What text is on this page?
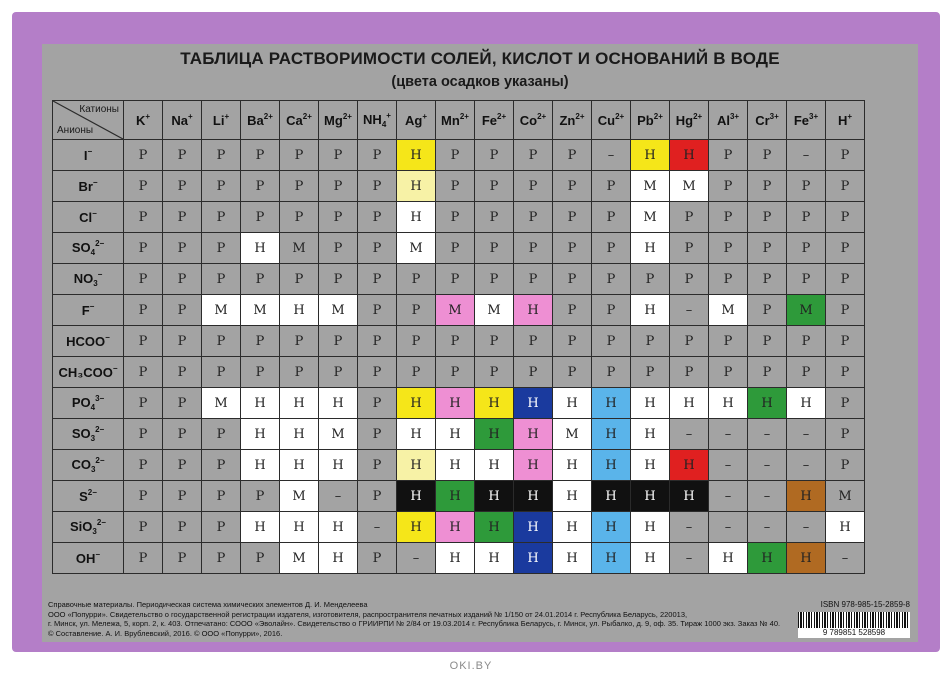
ТАБЛИЦА РАСТВОРИМОСТИ СОЛЕЙ, КИСЛОТ И ОСНОВАНИЙ В ВОДЕ
(цвета осадков указаны)
Катионы
Анионы	K+	Na+	Li+	$Ba^{2+}$	$Ca^{2+}$	$Mg^{2+}$	$NH_4^+$	Ag+	$Mn^{2+}$	$Fe^{2+}$	$Co^{2+}$	$Zn^{2+}$	$Cu^{2+}$	$Pb^{2+}$	$Hg^{2+}$	$Al^{3+}$	$Cr^{3+}$	$Fe^{3+}$	H+
I−	Р	Р	Р	Р	Р	Р	Р	Н	Р	Р	Р	Р	–	Н	Н	Р	Р	–	Р
Br−	Р	Р	Р	Р	Р	Р	Р	Н	Р	Р	Р	Р	Р	М	М	Р	Р	Р	Р
Cl−	Р	Р	Р	Р	Р	Р	Р	Н	Р	Р	Р	Р	Р	М	Р	Р	Р	Р	Р
$SO_4^{2-}$	Р	Р	Р	Н	М	Р	Р	М	Р	Р	Р	Р	Р	Н	Р	Р	Р	Р	Р
$NO_3^-$	Р	Р	Р	Р	Р	Р	Р	Р	Р	Р	Р	Р	Р	Р	Р	Р	Р	Р	Р
F−	Р	Р	М	М	Н	М	Р	Р	М	М	Н	Р	Р	Н	–	М	Р	М	Р
HCOO−	Р	Р	Р	Р	Р	Р	Р	Р	Р	Р	Р	Р	Р	Р	Р	Р	Р	Р	Р
CH₃COO−	Р	Р	Р	Р	Р	Р	Р	Р	Р	Р	Р	Р	Р	Р	Р	Р	Р	Р	Р
$PO_4^{3-}$	Р	Р	М	Н	Н	Н	Р	Н	Н	Н	Н	Н	Н	Н	Н	Н	Н	Н	Р
$SO_3^{2-}$	Р	Р	Р	Н	Н	М	Р	Н	Н	Н	Н	М	Н	Н	–	–	–	–	Р
$CO_3^{2-}$	Р	Р	Р	Н	Н	Н	Р	Н	Н	Н	Н	Н	Н	Н	Н	–	–	–	Р
$S^{2-}$	Р	Р	Р	Р	М	–	Р	Н	Н	Н	Н	Н	Н	Н	Н	–	–	Н	М
SiO$_3^{2-}$	Р	Р	Р	Н	Н	Н	–	Н	Н	Н	Н	Н	Н	Н	–	–	–	–	Н
OH−	Р	Р	Р	Р	М	Н	Р	–	Н	Н	Н	Н	Н	Н	–	Н	Н	Н	–
Справочные материалы. Периодическая система химических элементов Д. И. Менделеева
ООО «Попурри». Свидетельство о государственной регистрации издателя, изготовителя, распространителя печатных изданий № 1/150 от 24.01.2014 г. Республика Беларусь, 220013,
г. Минск, ул. Мележа, 5, корп. 2, к. 403. Отпечатано: СООО «Эволайн». Свидетельство о ГРИИРПИ № 2/84 от 19.03.2014 г. Республика Беларусь, г. Минск, ул. Рыбалко, д. 9, оф. 35. Тираж 1000 экз. Заказ № 40.
© Составление. А. И. Врублевский, 2016. © ООО «Попурри», 2016.
ISBN 978-985-15-2859-8
9 789851 528598
OKI.BY
